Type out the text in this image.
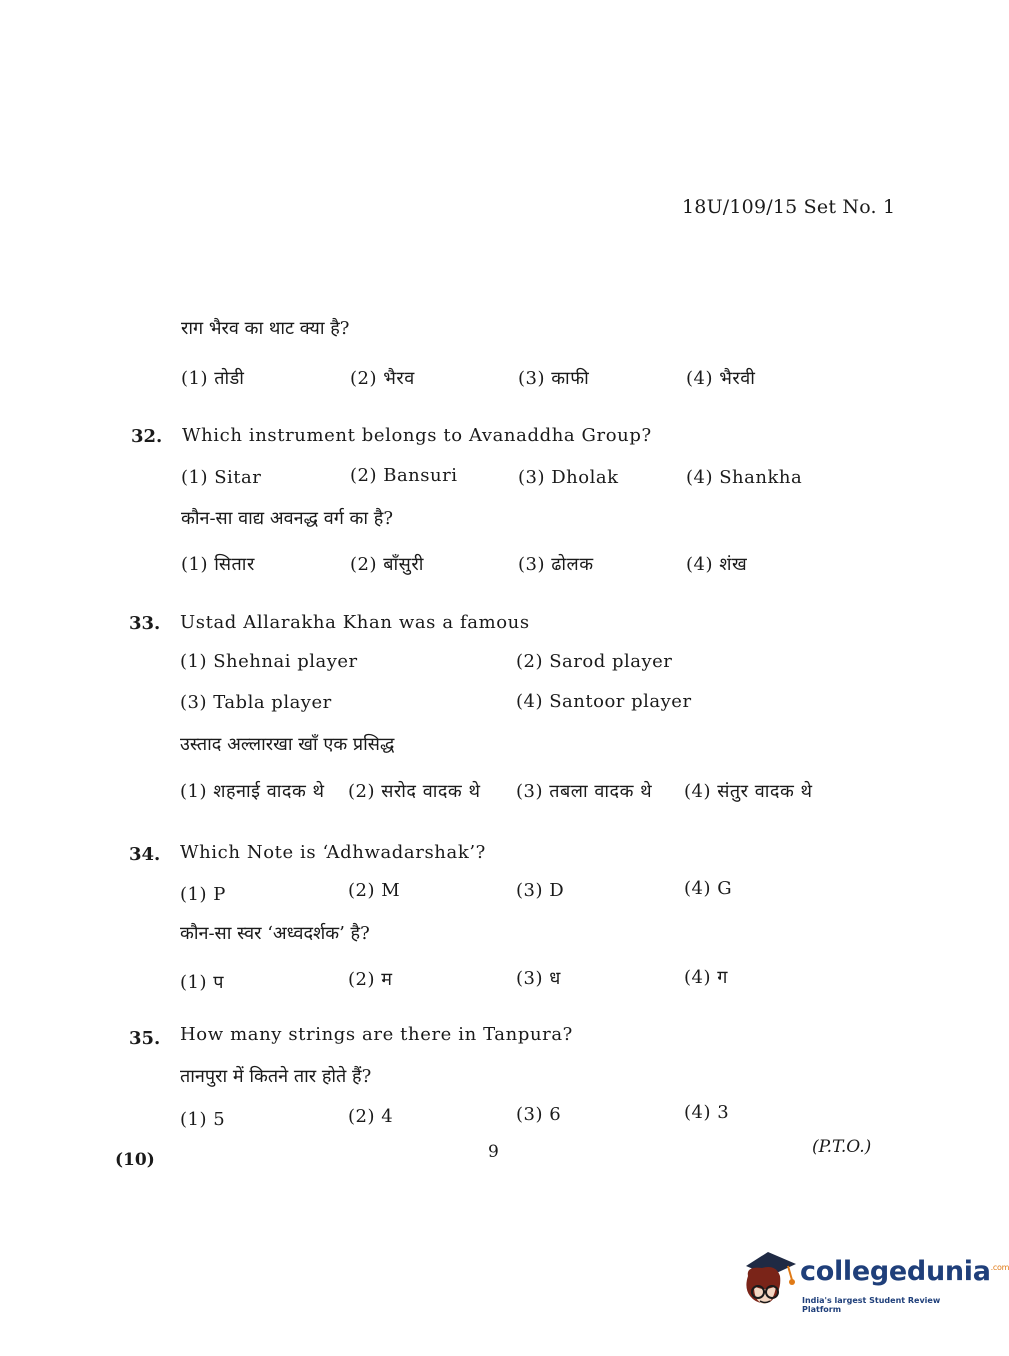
18U/109/15 Set No. 1
राग भैरव का थाट क्या है?
(1) तोडी	(2) भैरव	(3) काफी	(4) भैरवी
32. Which instrument belongs to Avanaddha Group?
(1) Sitar	(2) Bansuri	(3) Dholak	(4) Shankha
कौन-सा वाद्य अवनद्ध वर्ग का है?
(1) सितार	(2) बाँसुरी	(3) ढोलक	(4) शंख
33. Ustad Allarakha Khan was a famous
(1) Shehnai player	(2) Sarod player
(3) Tabla player	(4) Santoor player
उस्ताद अल्लारखा खाँ एक प्रसिद्ध
(1) शहनाई वादक थे (2) सरोद वादक थे (3) तबला वादक थे (4) संतुर वादक थे
34. Which Note is ‘Adhwadarshak’?
(1) P	(2) M	(3) D	(4) G
कौन-सा स्वर ‘अध्वदर्शक’ है?
(1) प	(2) म	(3) ध	(4) ग
35. How many strings are there in Tanpura?
तानपुरा में कितने तार होते हैं?
(1) 5	(2) 4	(3) 6	(4) 3
(10)	9	(P.T.O.)
collegedunia$^{.com}$
India's largest Student Review Platform
